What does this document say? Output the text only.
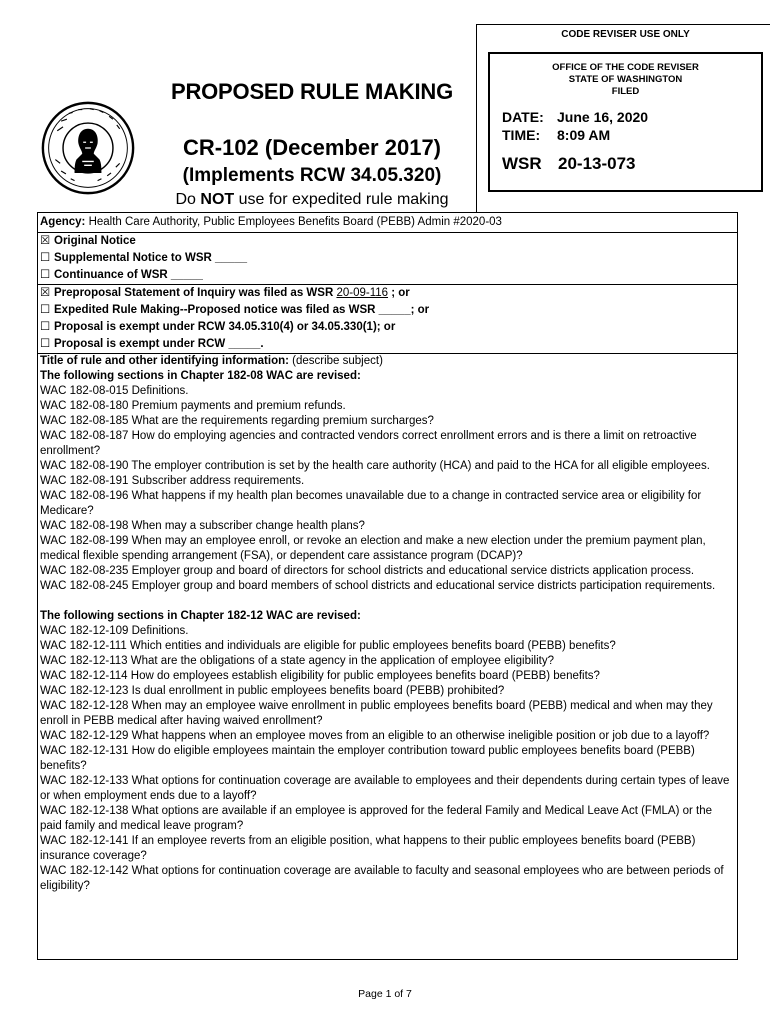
PROPOSED RULE MAKING
CR-102 (December 2017)
(Implements RCW 34.05.320)
Do NOT use for expedited rule making
CODE REVISER USE ONLY
OFFICE OF THE CODE REVISER
STATE OF WASHINGTON
FILED
DATE: June 16, 2020
TIME: 8:09 AM
WSR 20-13-073
Agency: Health Care Authority, Public Employees Benefits Board (PEBB) Admin #2020-03
☒ Original Notice
☐ Supplemental Notice to WSR _____
☐ Continuance of WSR _____
☒ Preproposal Statement of Inquiry was filed as WSR 20-09-116 ; or
☐ Expedited Rule Making--Proposed notice was filed as WSR _____; or
☐ Proposal is exempt under RCW 34.05.310(4) or 34.05.330(1); or
☐ Proposal is exempt under RCW _____.
Title of rule and other identifying information: (describe subject)
The following sections in Chapter 182-08 WAC are revised:
WAC 182-08-015 Definitions.
WAC 182-08-180 Premium payments and premium refunds.
WAC 182-08-185 What are the requirements regarding premium surcharges?
WAC 182-08-187 How do employing agencies and contracted vendors correct enrollment errors and is there a limit on retroactive enrollment?
WAC 182-08-190 The employer contribution is set by the health care authority (HCA) and paid to the HCA for all eligible employees.
WAC 182-08-191 Subscriber address requirements.
WAC 182-08-196 What happens if my health plan becomes unavailable due to a change in contracted service area or eligibility for Medicare?
WAC 182-08-198 When may a subscriber change health plans?
WAC 182-08-199 When may an employee enroll, or revoke an election and make a new election under the premium payment plan, medical flexible spending arrangement (FSA), or dependent care assistance program (DCAP)?
WAC 182-08-235 Employer group and board of directors for school districts and educational service districts application process.
WAC 182-08-245 Employer group and board members of school districts and educational service districts participation requirements.
The following sections in Chapter 182-12 WAC are revised:
WAC 182-12-109 Definitions.
WAC 182-12-111 Which entities and individuals are eligible for public employees benefits board (PEBB) benefits?
WAC 182-12-113 What are the obligations of a state agency in the application of employee eligibility?
WAC 182-12-114 How do employees establish eligibility for public employees benefits board (PEBB) benefits?
WAC 182-12-123 Is dual enrollment in public employees benefits board (PEBB) prohibited?
WAC 182-12-128 When may an employee waive enrollment in public employees benefits board (PEBB) medical and when may they enroll in PEBB medical after having waived enrollment?
WAC 182-12-129 What happens when an employee moves from an eligible to an otherwise ineligible position or job due to a layoff?
WAC 182-12-131 How do eligible employees maintain the employer contribution toward public employees benefits board (PEBB) benefits?
WAC 182-12-133 What options for continuation coverage are available to employees and their dependents during certain types of leave or when employment ends due to a layoff?
WAC 182-12-138 What options are available if an employee is approved for the federal Family and Medical Leave Act (FMLA) or the paid family and medical leave program?
WAC 182-12-141 If an employee reverts from an eligible position, what happens to their public employees benefits board (PEBB) insurance coverage?
WAC 182-12-142 What options for continuation coverage are available to faculty and seasonal employees who are between periods of eligibility?
Page 1 of 7
